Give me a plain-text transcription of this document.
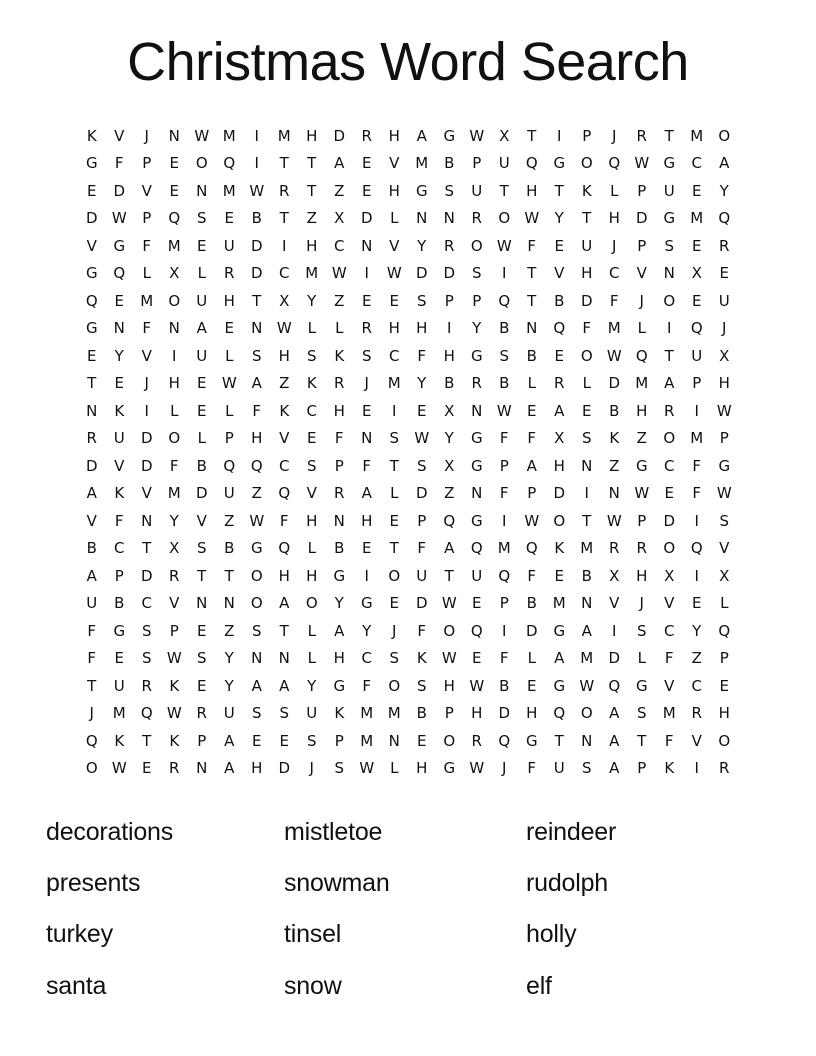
Christmas Word Search
K	V	J	N	W	M	I	M	H	D	R	H	A	G	W	X	T	I	P	J	R	T	M	O
G	F	P	E	O	Q	I	T	T	A	E	V	M	B	P	U	Q	G	O	Q	W	G	C	A
E	D	V	E	N	M	W	R	T	Z	E	H	G	S	U	T	H	T	K	L	P	U	E	Y
D	W	P	Q	S	E	B	T	Z	X	D	L	N	N	R	O	W	Y	T	H	D	G	M	Q
V	G	F	M	E	U	D	I	H	C	N	V	Y	R	O	W	F	E	U	J	P	S	E	R
G	Q	L	X	L	R	D	C	M	W	I	W	D	D	S	I	T	V	H	C	V	N	X	E
Q	E	M	O	U	H	T	X	Y	Z	E	E	S	P	P	Q	T	B	D	F	J	O	E	U
G	N	F	N	A	E	N	W	L	L	R	H	H	I	Y	B	N	Q	F	M	L	I	Q	J
E	Y	V	I	U	L	S	H	S	K	S	C	F	H	G	S	B	E	O	W	Q	T	U	X
T	E	J	H	E	W	A	Z	K	R	J	M	Y	B	R	B	L	R	L	D	M	A	P	H
N	K	I	L	E	L	F	K	C	H	E	I	E	X	N	W	E	A	E	B	H	R	I	W
R	U	D	O	L	P	H	V	E	F	N	S	W	Y	G	F	F	X	S	K	Z	O	M	P
D	V	D	F	B	Q	Q	C	S	P	F	T	S	X	G	P	A	H	N	Z	G	C	F	G
A	K	V	M	D	U	Z	Q	V	R	A	L	D	Z	N	F	P	D	I	N	W	E	F	W
V	F	N	Y	V	Z	W	F	H	N	H	E	P	Q	G	I	W	O	T	W	P	D	I	S
B	C	T	X	S	B	G	Q	L	B	E	T	F	A	Q	M	Q	K	M	R	R	O	Q	V
A	P	D	R	T	T	O	H	H	G	I	O	U	T	U	Q	F	E	B	X	H	X	I	X
U	B	C	V	N	N	O	A	O	Y	G	E	D	W	E	P	B	M	N	V	J	V	E	L
F	G	S	P	E	Z	S	T	L	A	Y	J	F	O	Q	I	D	G	A	I	S	C	Y	Q
F	E	S	W	S	Y	N	N	L	H	C	S	K	W	E	F	L	A	M	D	L	F	Z	P
T	U	R	K	E	Y	A	A	Y	G	F	O	S	H	W	B	E	G	W	Q	G	V	C	E
J	M	Q	W	R	U	S	S	U	K	M	M	B	P	H	D	H	Q	O	A	S	M	R	H
Q	K	T	K	P	A	E	E	S	P	M	N	E	O	R	Q	G	T	N	A	T	F	V	O
O	W	E	R	N	A	H	D	J	S	W	L	H	G	W	J	F	U	S	A	P	K	I	R
decorations	mistletoe	reindeer
presents	snowman	rudolph
turkey	tinsel	holly
santa	snow	elf
